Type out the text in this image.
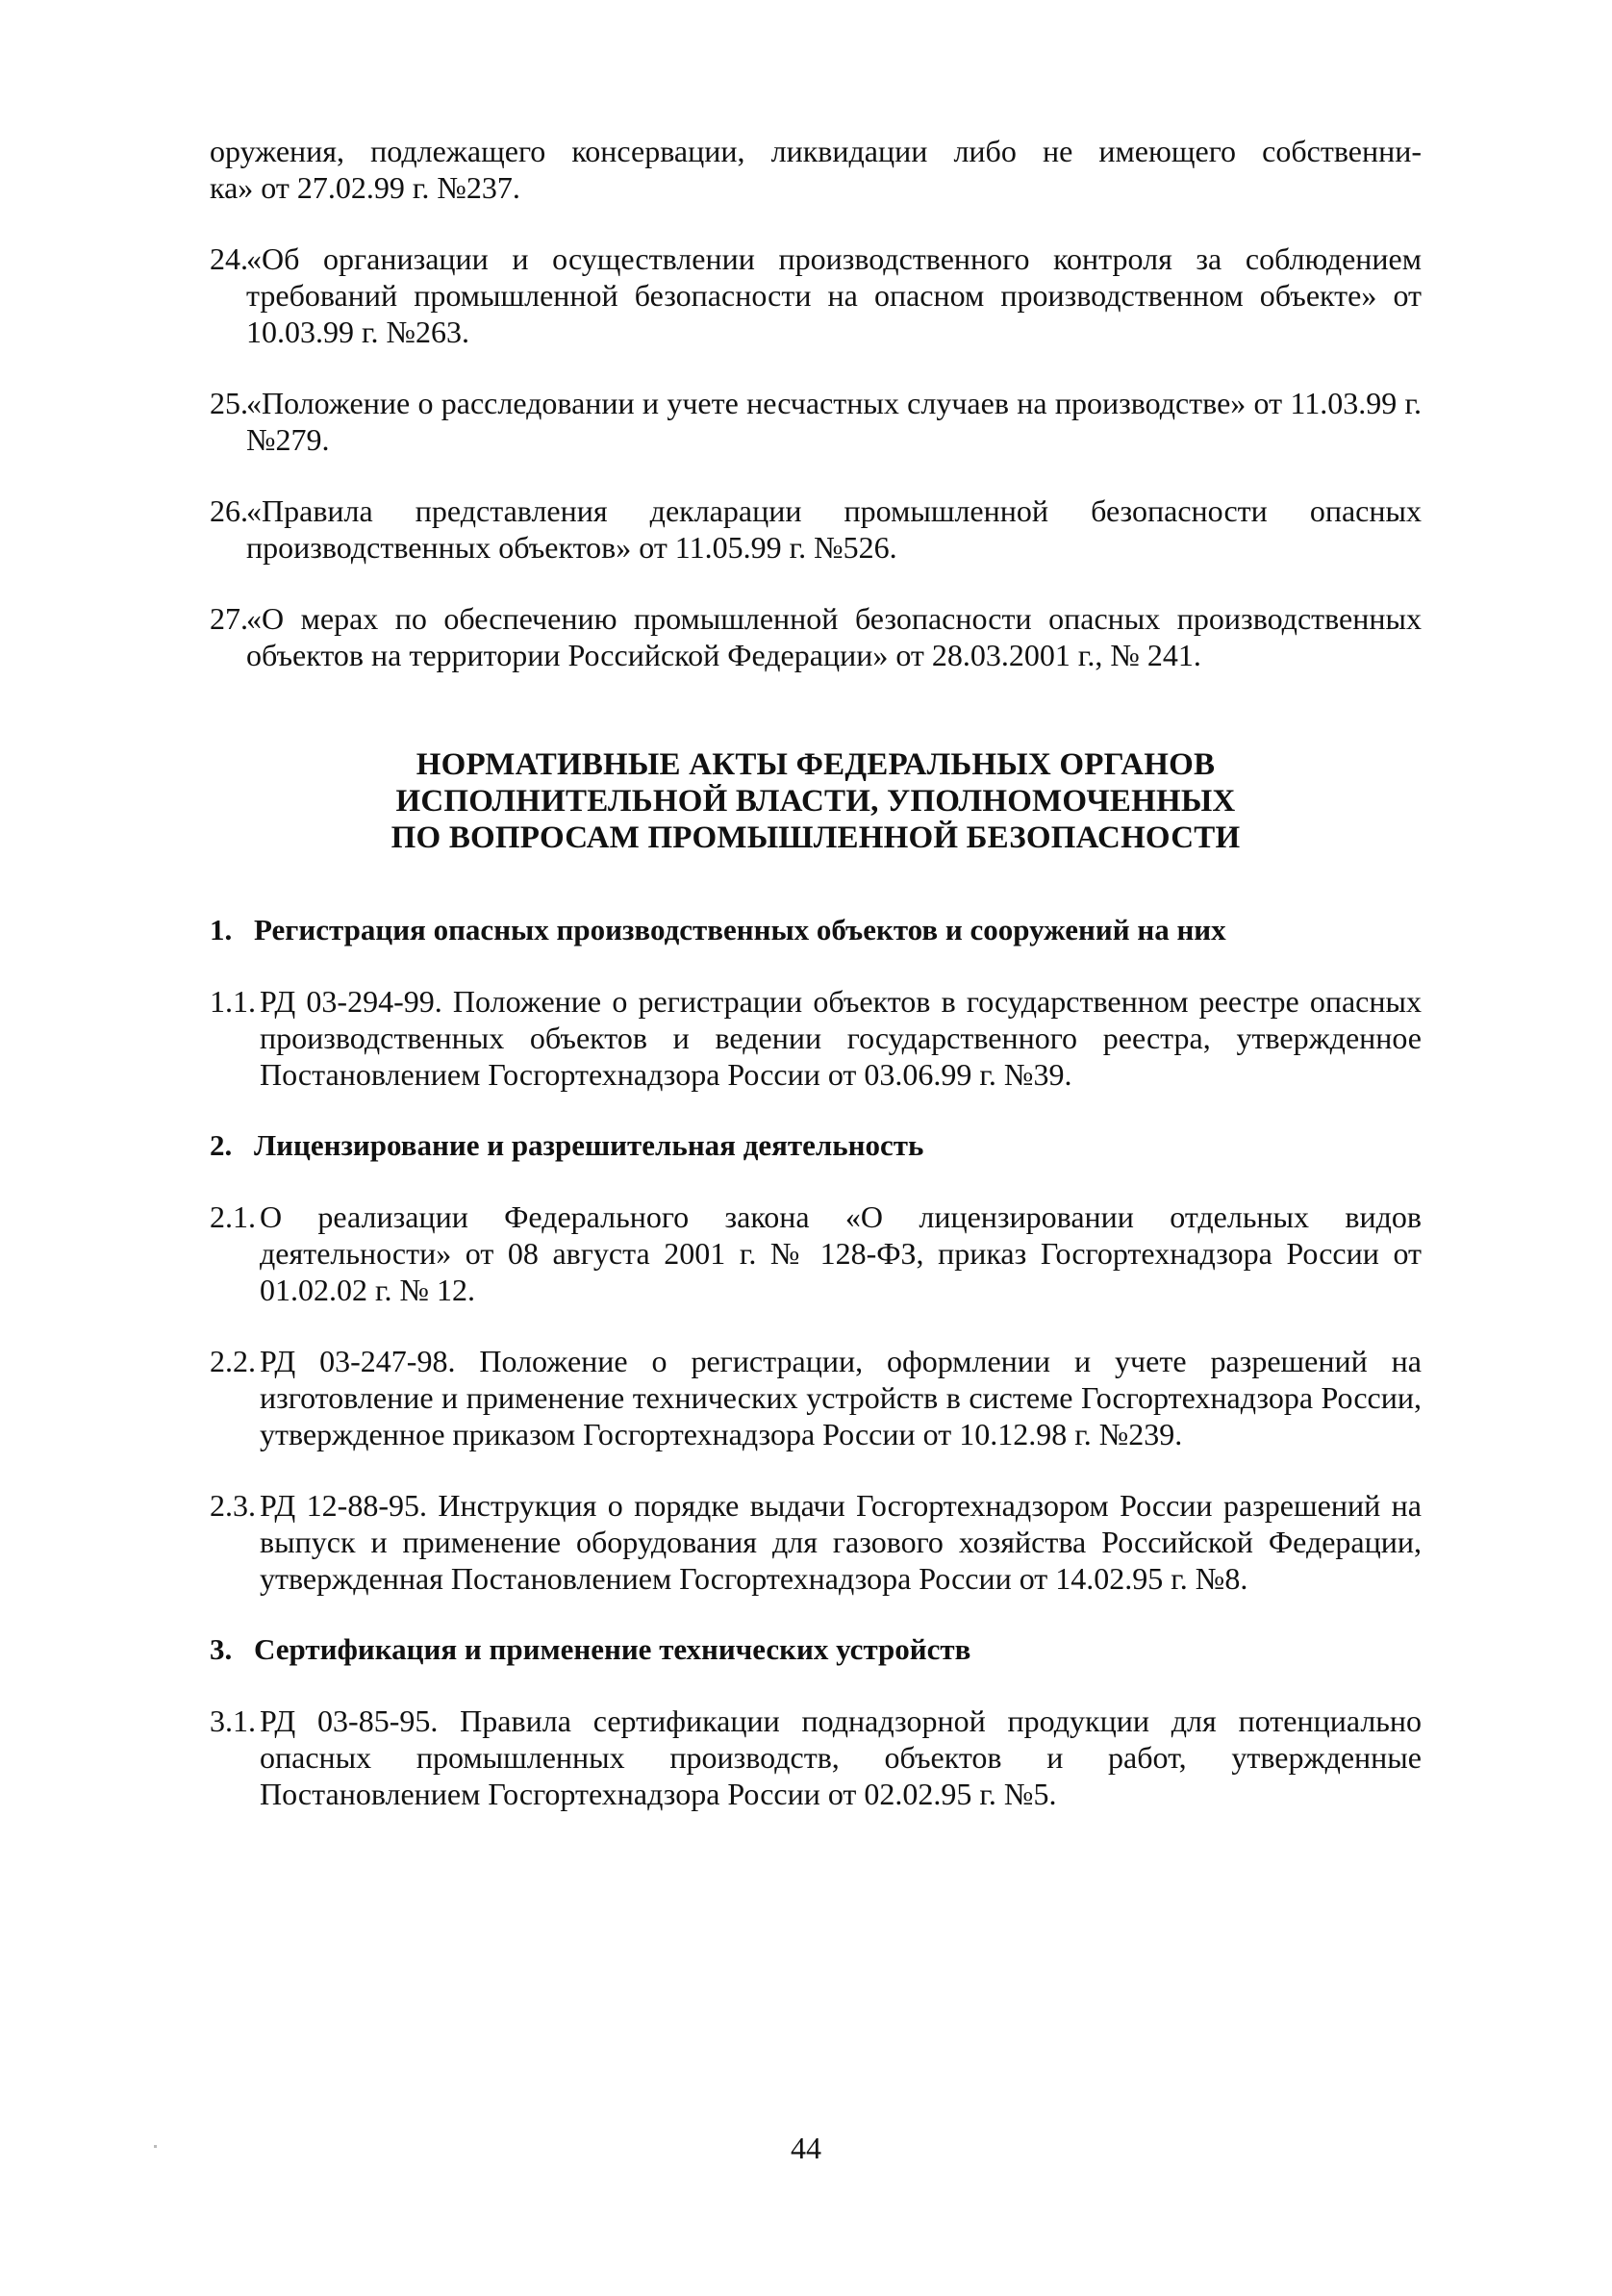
оружения, подлежащего консервации, ликвидации либо не имеющего собственни-

ка» от 27.02.99 г. №237.

24.
«Об организации и осуществлении производственного контроля за соблюдением требований промышленной безопасности на опасном производственном объекте» от 10.03.99 г. №263.
25.
«Положение о расследовании и учете несчастных случаев на производстве» от 11.03.99 г. №279.
26.
«Правила представления декларации промышленной безопасности опасных производственных объектов» от 11.05.99 г. №526.
27.
«О мерах по обеспечению промышленной безопасности опасных производственных объектов на территории Российской Федерации» от 28.03.2001 г., № 241.

НОРМАТИВНЫЕ АКТЫ ФЕДЕРАЛЬНЫХ ОРГАНОВ

ИСПОЛНИТЕЛЬНОЙ ВЛАСТИ, УПОЛНОМОЧЕННЫХ

ПО ВОПРОСАМ ПРОМЫШЛЕННОЙ БЕЗОПАСНОСТИ

1. Регистрация опасных производственных объектов и сооружений на них
1.1. РД 03-294-99. Положение о регистрации объектов в государственном реестре опасных производственных объектов и ведении государственного реестра, утвержденное Постановлением Госгортехнадзора России от 03.06.99 г. №39.
2. Лицензирование и разрешительная деятельность
2.1. О реализации Федерального закона «О лицензировании отдельных видов деятельности» от 08 августа 2001 г. № 128-ФЗ, приказ Госгортехнадзора России от 01.02.02 г. № 12.
2.2. РД 03-247-98. Положение о регистрации, оформлении и учете разрешений на изготовление и применение технических устройств в системе Госгортехнадзора России, утвержденное приказом Госгортехнадзора России от 10.12.98 г. №239.
2.3. РД 12-88-95. Инструкция о порядке выдачи Госгортехнадзором России разрешений на выпуск и применение оборудования для газового хозяйства Российской Федерации, утвержденная Постановлением Госгортехнадзора России от 14.02.95 г. №8.
3. Сертификация и применение технических устройств
3.1. РД 03-85-95. Правила сертификации поднадзорной продукции для потенциально опасных промышленных производств, объектов и работ, утвержденные Постановлением Госгортехнадзора России от 02.02.95 г. №5.
44
